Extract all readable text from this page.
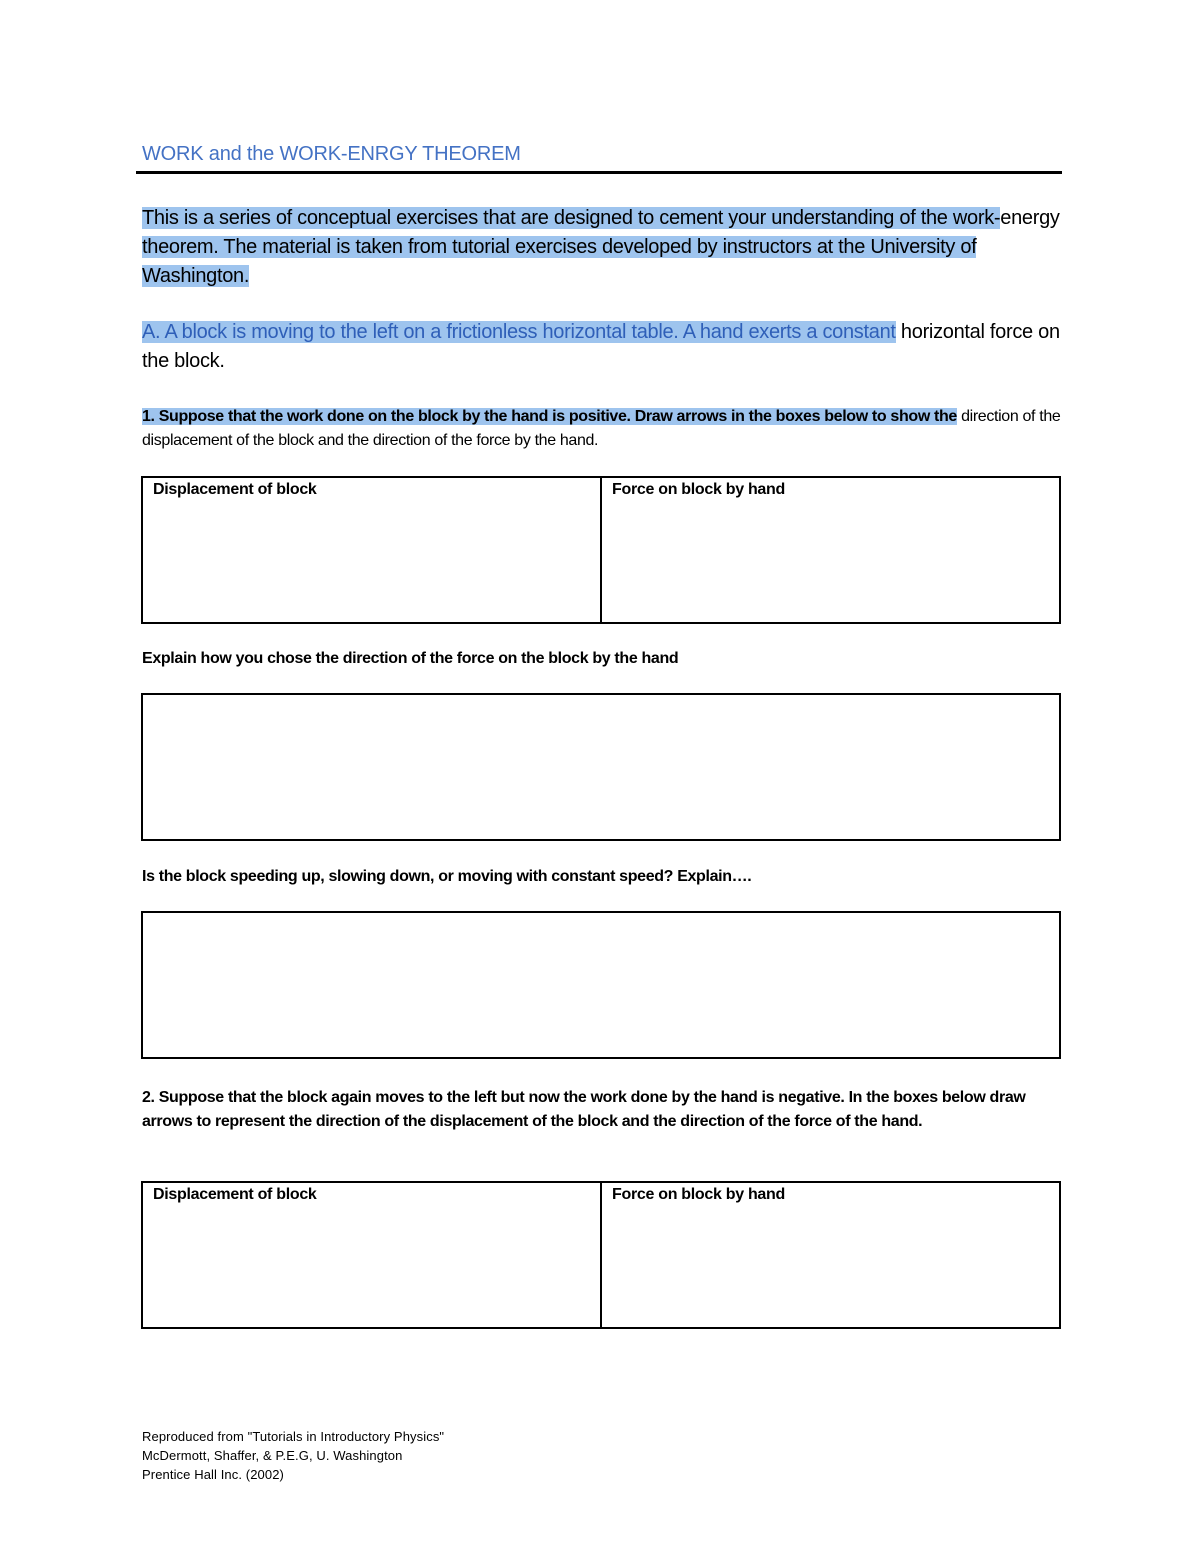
WORK and the WORK-ENRGY THEOREM
This is a series of conceptual exercises that are designed to cement your understanding of the work-energy theorem. The material is taken from tutorial exercises developed by instructors at the University of Washington.
A. A block is moving to the left on a frictionless horizontal table. A hand exerts a constant horizontal force on the block.
1. Suppose that the work done on the block by the hand is positive. Draw arrows in the boxes below to show the direction of the displacement of the block and the direction of the force by the hand.
Displacement of block	Force on block by hand
Explain how you chose the direction of the force on the block by the hand
Is the block speeding up, slowing down, or moving with constant speed? Explain….
2. Suppose that the block again moves to the left but now the work done by the hand is negative. In the boxes below draw arrows to represent the direction of the displacement of the block and the direction of the force of the hand.
Displacement of block	Force on block by hand
Reproduced from "Tutorials in Introductory Physics"
McDermott, Shaffer, & P.E.G, U. Washington
Prentice Hall Inc. (2002)
